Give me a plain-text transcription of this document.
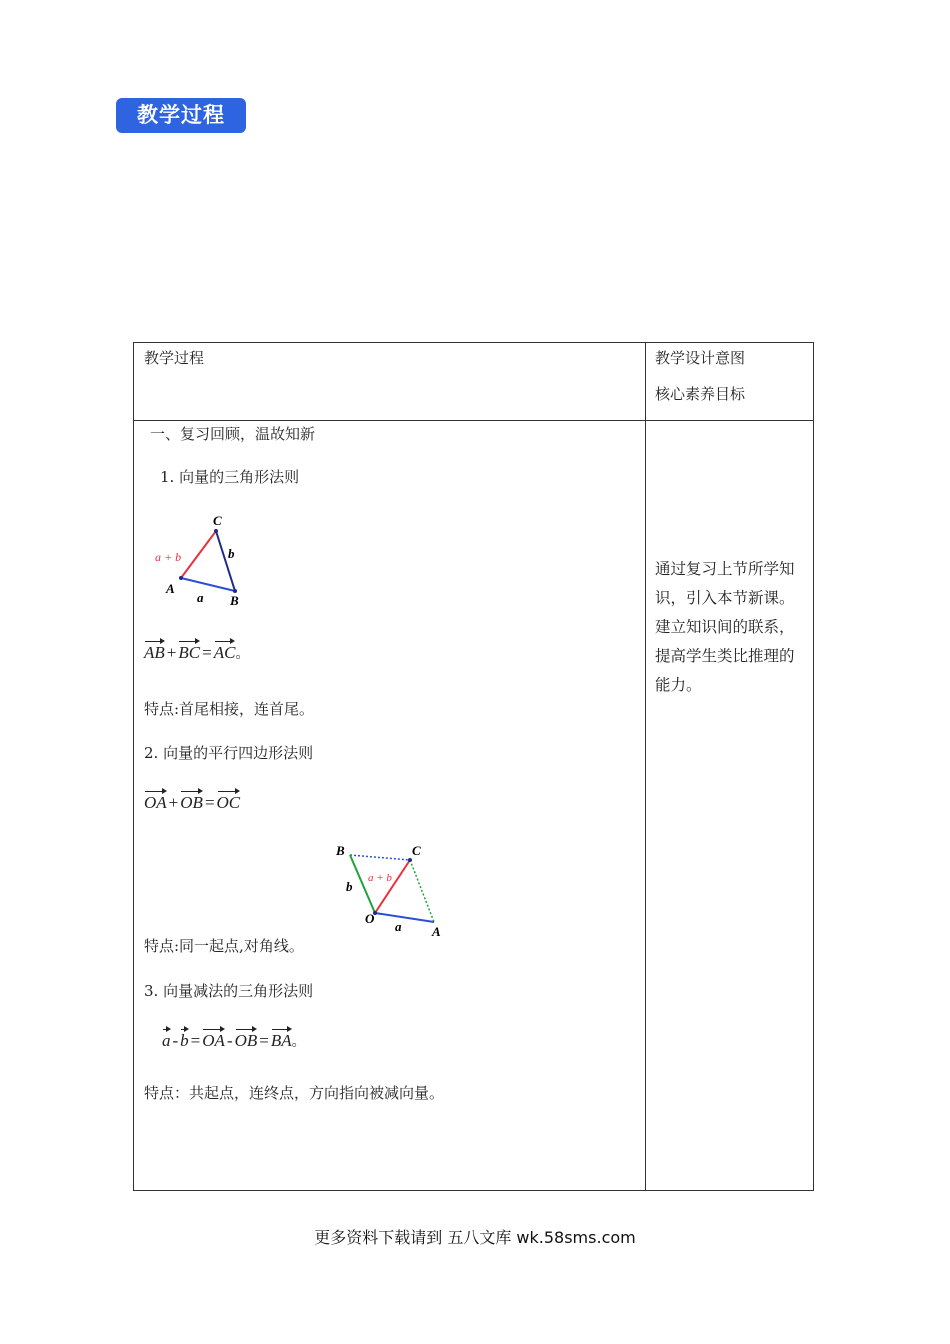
教学过程
教学过程	教学设计意图
核心素养目标
一、复习回顾，温故知新
1. 向量的三角形法则
C
A
B
a + b	b
a
AB + BC = AC。
特点:首尾相接，连首尾。
2. 向量的平行四边形法则
OA + OB = OC
B	C
O
A
a + b
b
a
特点:同一起点,对角线。
3. 向量减法的三角形法则
a - b = OA - OB = BA。
特点：共起点，连终点，方向指向被减向量。
通过复习上节所学知识，引入本节新课。建立知识间的联系，提高学生类比推理的能力。
更多资料下载请到 五八文库 wk.58sms.com
